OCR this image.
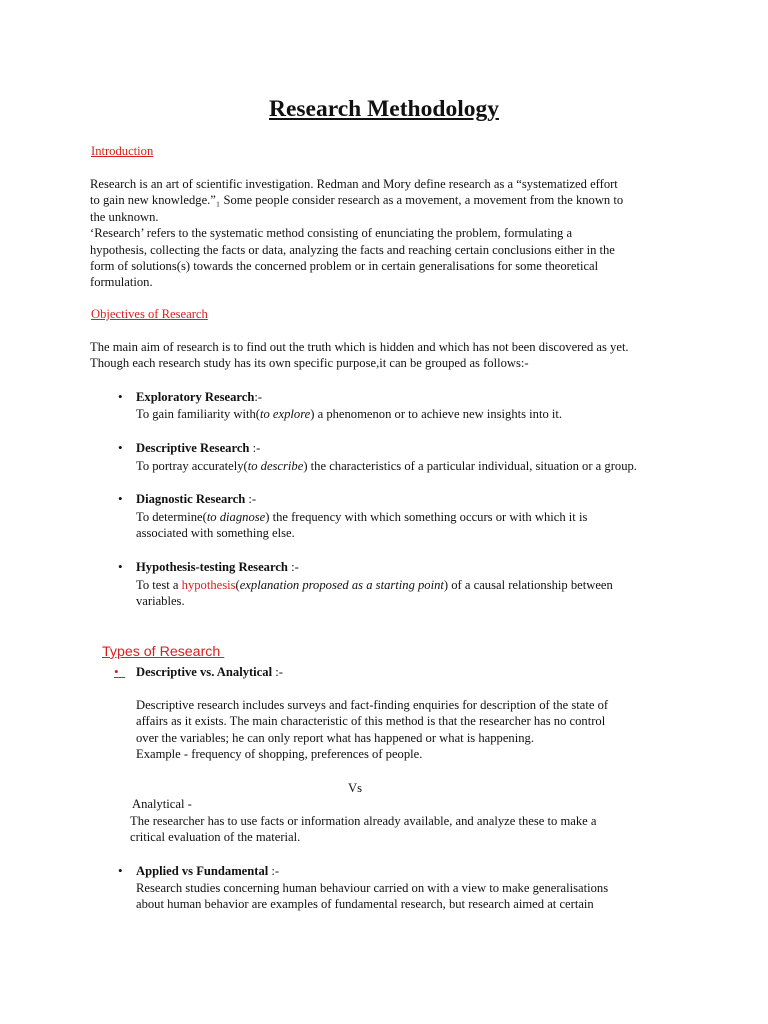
Research Methodology
Introduction

Research is an art of scientific investigation. Redman and Mory define research as a “systematized effort

to gain new knowledge.”₁ Some people consider research as a movement, a movement from the known to

the unknown.

‘Research’ refers to the systematic method consisting of enunciating the problem, formulating a

hypothesis, collecting the facts or data, analyzing the facts and reaching certain conclusions either in the

form of solutions(s) towards the concerned problem or in certain generalisations for some theoretical

formulation.

Objectives of Research

The main aim of research is to find out the truth which is hidden and which has not been discovered as yet.

Though each research study has its own specific purpose,it can be grouped as follows:-

• Exploratory Research:-
To gain familiarity with(to explore) a phenomenon or to achieve new insights into it.
• Descriptive Research :-
To portray accurately(to describe) the characteristics of a particular individual, situation or a group.
• Diagnostic Research :-
To determine(to diagnose) the frequency with which something occurs or with which it is
associated with something else.
• Hypothesis-testing Research :-
To test a hypothesis(explanation proposed as a starting point) of a causal relationship between
variables.
Types of Research
•	Descriptive vs. Analytical :-

Descriptive research includes surveys and fact-finding enquiries for description of the state of

affairs as it exists. The main characteristic of this method is that the researcher has no control

over the variables; he can only report what has happened or what is happening.

Example - frequency of shopping, preferences of people.

Vs
Analytical -

The researcher has to use facts or information already available, and analyze these to make a

critical evaluation of the material.

• Applied vs Fundamental :-

Research studies concerning human behaviour carried on with a view to make generalisations

about human behavior are examples of fundamental research, but research aimed at certain
